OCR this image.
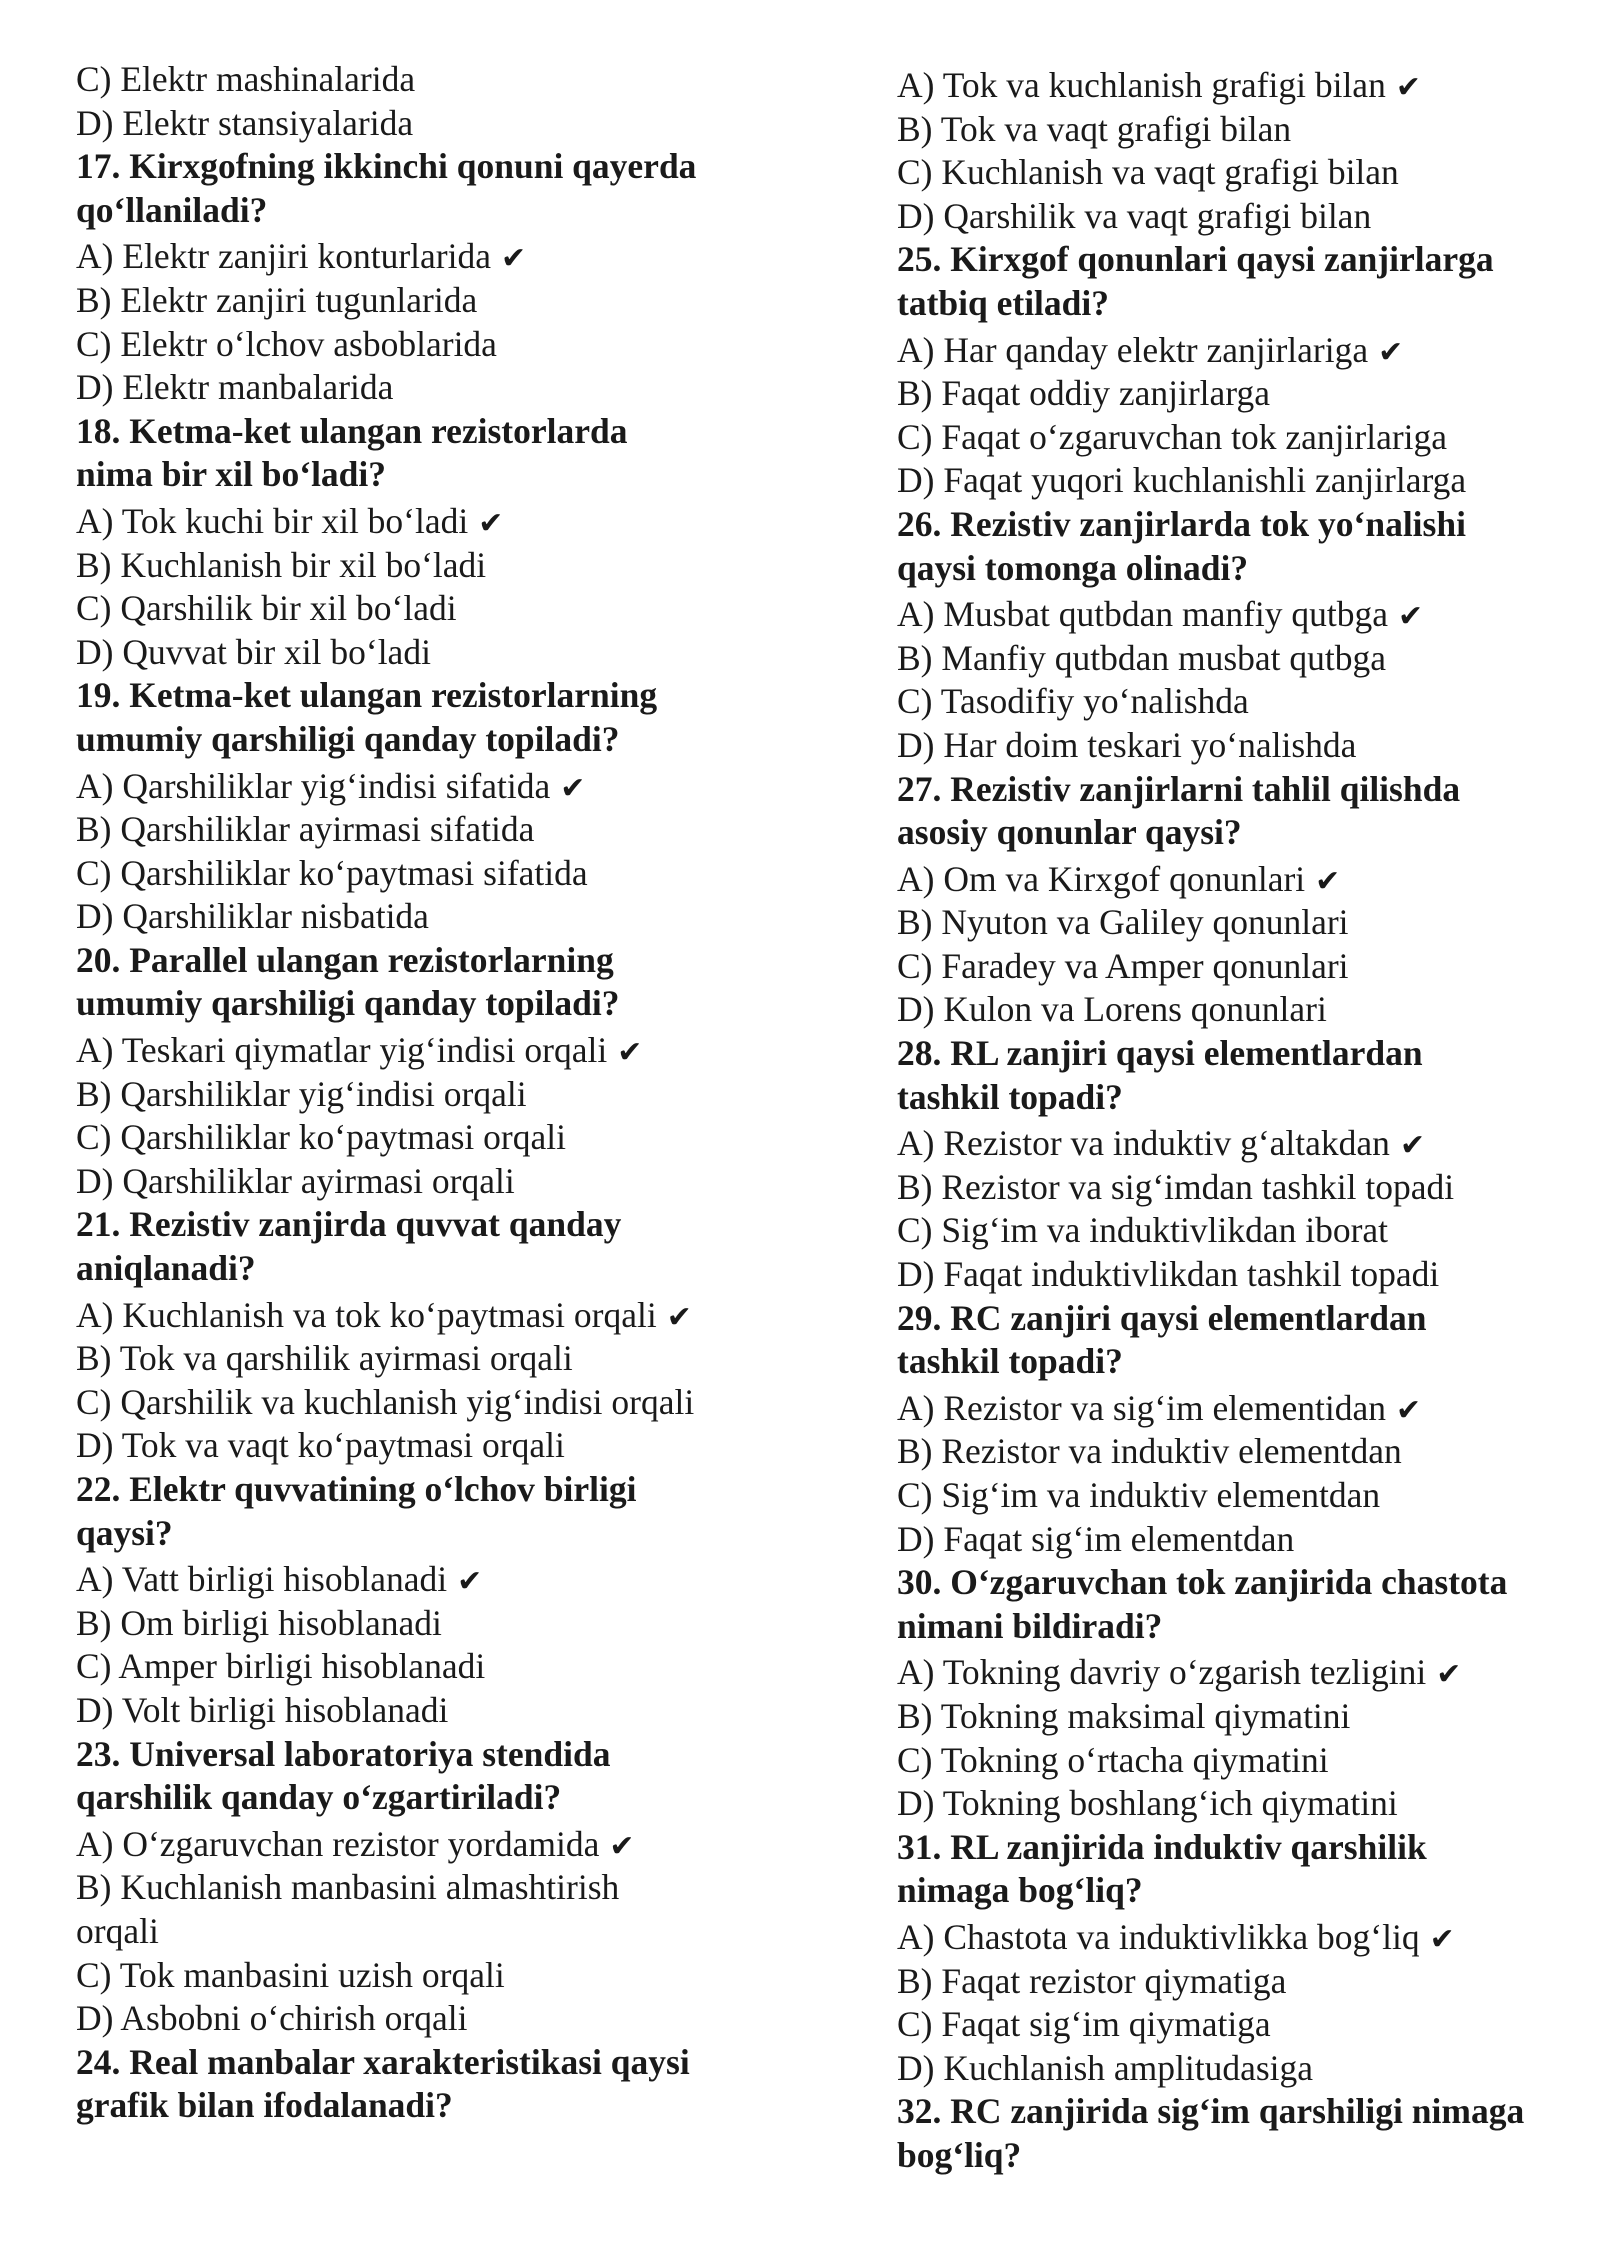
C) Elektr mashinalarida
D) Elektr stansiyalarida
17. Kirxgofning ikkinchi qonuni qayerda
qo‘llaniladi?
A) Elektr zanjiri konturlarida ✔
B) Elektr zanjiri tugunlarida
C) Elektr o‘lchov asboblarida
D) Elektr manbalarida
18. Ketma-ket ulangan rezistorlarda
nima bir xil bo‘ladi?
A) Tok kuchi bir xil bo‘ladi ✔
B) Kuchlanish bir xil bo‘ladi
C) Qarshilik bir xil bo‘ladi
D) Quvvat bir xil bo‘ladi
19. Ketma-ket ulangan rezistorlarning
umumiy qarshiligi qanday topiladi?
A) Qarshiliklar yig‘indisi sifatida ✔
B) Qarshiliklar ayirmasi sifatida
C) Qarshiliklar ko‘paytmasi sifatida
D) Qarshiliklar nisbatida
20. Parallel ulangan rezistorlarning
umumiy qarshiligi qanday topiladi?
A) Teskari qiymatlar yig‘indisi orqali ✔
B) Qarshiliklar yig‘indisi orqali
C) Qarshiliklar ko‘paytmasi orqali
D) Qarshiliklar ayirmasi orqali
21. Rezistiv zanjirda quvvat qanday
aniqlanadi?
A) Kuchlanish va tok ko‘paytmasi orqali ✔
B) Tok va qarshilik ayirmasi orqali
C) Qarshilik va kuchlanish yig‘indisi orqali
D) Tok va vaqt ko‘paytmasi orqali
22. Elektr quvvatining o‘lchov birligi
qaysi?
A) Vatt birligi hisoblanadi ✔
B) Om birligi hisoblanadi
C) Amper birligi hisoblanadi
D) Volt birligi hisoblanadi
23. Universal laboratoriya stendida
qarshilik qanday o‘zgartiriladi?
A) O‘zgaruvchan rezistor yordamida ✔
B) Kuchlanish manbasini almashtirish
orqali
C) Tok manbasini uzish orqali
D) Asbobni o‘chirish orqali
24. Real manbalar xarakteristikasi qaysi
grafik bilan ifodalanadi?
A) Tok va kuchlanish grafigi bilan ✔
B) Tok va vaqt grafigi bilan
C) Kuchlanish va vaqt grafigi bilan
D) Qarshilik va vaqt grafigi bilan
25. Kirxgof qonunlari qaysi zanjirlarga
tatbiq etiladi?
A) Har qanday elektr zanjirlariga ✔
B) Faqat oddiy zanjirlarga
C) Faqat o‘zgaruvchan tok zanjirlariga
D) Faqat yuqori kuchlanishli zanjirlarga
26. Rezistiv zanjirlarda tok yo‘nalishi
qaysi tomonga olinadi?
A) Musbat qutbdan manfiy qutbga ✔
B) Manfiy qutbdan musbat qutbga
C) Tasodifiy yo‘nalishda
D) Har doim teskari yo‘nalishda
27. Rezistiv zanjirlarni tahlil qilishda
asosiy qonunlar qaysi?
A) Om va Kirxgof qonunlari ✔
B) Nyuton va Galiley qonunlari
C) Faradey va Amper qonunlari
D) Kulon va Lorens qonunlari
28. RL zanjiri qaysi elementlardan
tashkil topadi?
A) Rezistor va induktiv g‘altakdan ✔
B) Rezistor va sig‘imdan tashkil topadi
C) Sig‘im va induktivlikdan iborat
D) Faqat induktivlikdan tashkil topadi
29. RC zanjiri qaysi elementlardan
tashkil topadi?
A) Rezistor va sig‘im elementidan ✔
B) Rezistor va induktiv elementdan
C) Sig‘im va induktiv elementdan
D) Faqat sig‘im elementdan
30. O‘zgaruvchan tok zanjirida chastota
nimani bildiradi?
A) Tokning davriy o‘zgarish tezligini ✔
B) Tokning maksimal qiymatini
C) Tokning o‘rtacha qiymatini
D) Tokning boshlang‘ich qiymatini
31. RL zanjirida induktiv qarshilik
nimaga bog‘liq?
A) Chastota va induktivlikka bog‘liq ✔
B) Faqat rezistor qiymatiga
C) Faqat sig‘im qiymatiga
D) Kuchlanish amplitudasiga
32. RC zanjirida sig‘im qarshiligi nimaga
bog‘liq?
